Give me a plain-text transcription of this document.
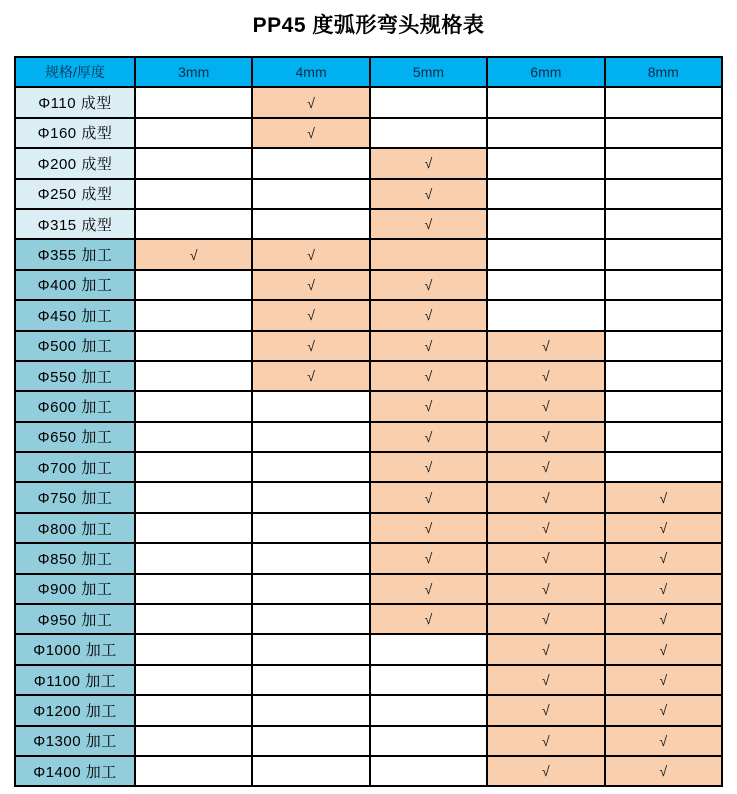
PP45 度弧形弯头规格表
规格/厚度	3mm	4mm	5mm	6mm	8mm
Φ110 成型		√			
Φ160 成型		√			
Φ200 成型			√		
Φ250 成型			√		
Φ315 成型			√		
Φ355 加工	√	√			
Φ400 加工		√	√		
Φ450 加工		√	√		
Φ500 加工		√	√	√	
Φ550 加工		√	√	√	
Φ600 加工			√	√	
Φ650 加工			√	√	
Φ700 加工			√	√	
Φ750 加工			√	√	√
Φ800 加工			√	√	√
Φ850 加工			√	√	√
Φ900 加工			√	√	√
Φ950 加工			√	√	√
Φ1000 加工				√	√
Φ1100 加工				√	√
Φ1200 加工				√	√
Φ1300 加工				√	√
Φ1400 加工				√	√
